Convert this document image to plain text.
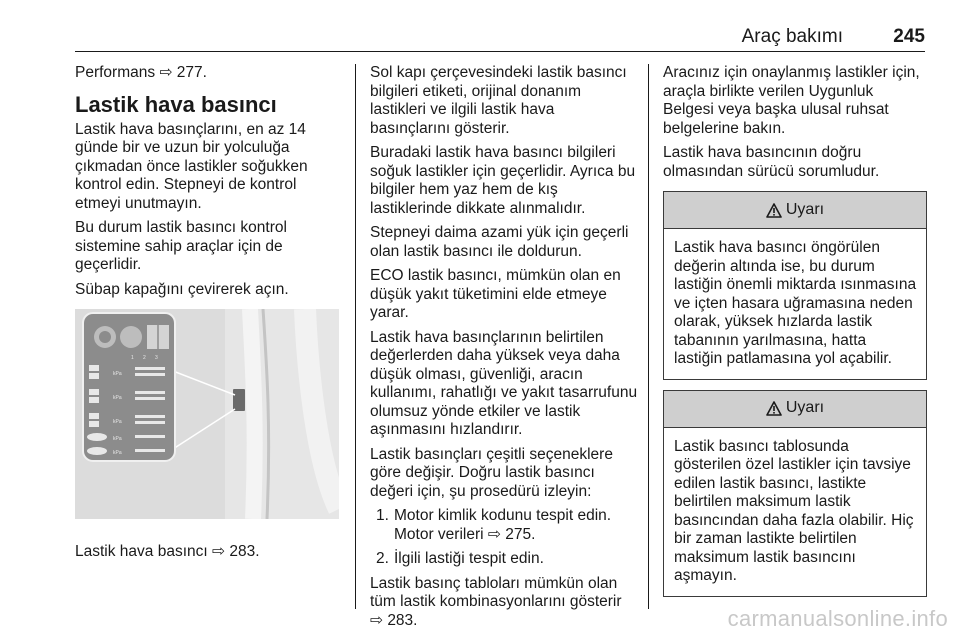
Araç bakımı	245

Performans ⇨ 277.

Lastik hava basıncı

Lastik hava basınçlarını, en az 14 günde bir ve uzun bir yolculuğa çıkmadan önce lastikler soğukken kontrol edin. Stepneyi de kontrol etmeyi unutmayın.

Bu durum lastik basıncı kontrol sistemine sahip araçlar için de geçerlidir.

Sübap kapağını çevirerek açın.

kPa
kPa
kPa
kPa
kPa
1 2 3

Lastik hava basıncı ⇨ 283.

Sol kapı çerçevesindeki lastik basıncı bilgileri etiketi, orijinal donanım lastikleri ve ilgili lastik hava basınçlarını gösterir.

Buradaki lastik hava basıncı bilgileri soğuk lastikler için geçerlidir. Ayrıca bu bilgiler hem yaz hem de kış lastiklerinde dikkate alınmalıdır.

Stepneyi daima azami yük için geçerli olan lastik basıncı ile doldurun.

ECO lastik basıncı, mümkün olan en düşük yakıt tüketimini elde etmeye yarar.

Lastik hava basınçlarının belirtilen değerlerden daha yüksek veya daha düşük olması, güvenliği, aracın kullanımı, rahatlığı ve yakıt tasarrufunu olumsuz yönde etkiler ve lastik aşınmasını hızlandırır.

Lastik basınçları çeşitli seçeneklere göre değişir. Doğru lastik basıncı değeri için, şu prosedürü izleyin:

1. Motor kimlik kodunu tespit edin. Motor verileri ⇨ 275.
2. İlgili lastiği tespit edin.

Lastik basınç tabloları mümkün olan tüm lastik kombinasyonlarını gösterir ⇨ 283.

Aracınız için onaylanmış lastikler için, araçla birlikte verilen Uygunluk Belgesi veya başka ulusal ruhsat belgelerine bakın.

Lastik hava basıncının doğru olmasından sürücü sorumludur.

Uyarı

Lastik hava basıncı öngörülen değerin altında ise, bu durum lastiğin önemli miktarda ısınmasına ve içten hasara uğramasına neden olarak, yüksek hızlarda lastik tabanının yarılmasına, hatta lastiğin patlamasına yol açabilir.

Uyarı

Lastik basıncı tablosunda gösterilen özel lastikler için tavsiye edilen lastik basıncı, lastikte belirtilen maksimum lastik basıncından daha fazla olabilir. Hiç bir zaman lastikte belirtilen maksimum lastik basıncını aşmayın.

carmanualsonline.info
